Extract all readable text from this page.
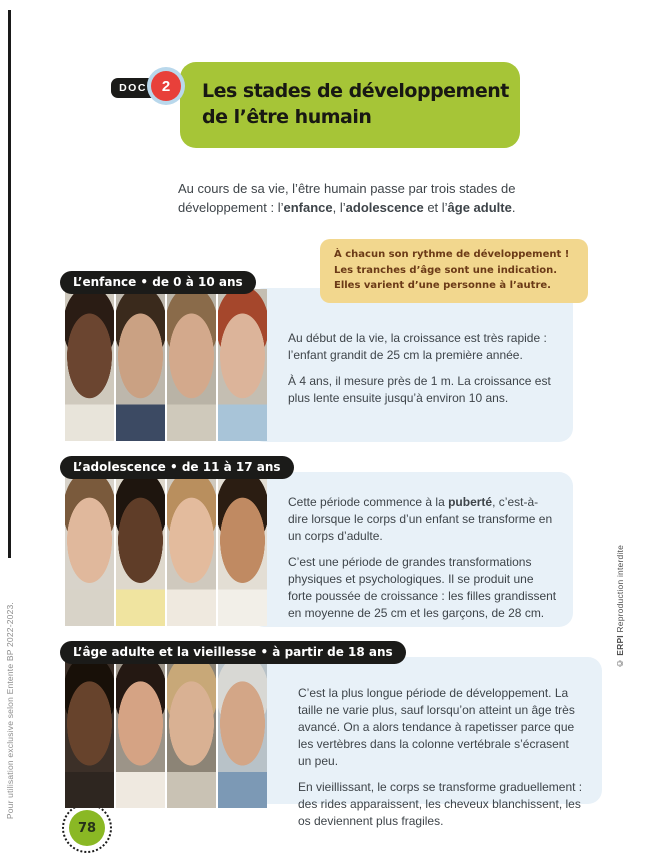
Pour utilisation exclusive selon Entente BP 2022-2023.	© ERPI Reproduction interdite
DOC 2 Les stades de développement
de l’être humain
Au cours de sa vie, l’être humain passe par trois stades de développement : l’enfance, l’adolescence et l’âge adulte.
À chacun son rythme de développement !
Les tranches d’âge sont une indication.
Elles varient d’une personne à l’autre.

Au début de la vie, la croissance est très rapide : l’enfant grandit de 25 cm la première année.

À 4 ans, il mesure près de 1 m. La croissance est plus lente ensuite jusqu’à environ 10 ans.

L’enfance • de 0 à 10 ans

Cette période commence à la puberté, c’est-à-dire lorsque le corps d’un enfant se transforme en un corps d’adulte.

C’est une période de grandes transformations physiques et psychologiques. Il se produit une forte poussée de croissance : les filles grandissent en moyenne de 25 cm et les garçons, de 28 cm.

L’adolescence • de 11 à 17 ans

C’est la plus longue période de développement. La taille ne varie plus, sauf lorsqu’on atteint un âge très avancé. On a alors tendance à rapetisser parce que les vertèbres dans la colonne vertébrale s’écrasent un peu.

En vieillissant, le corps se transforme graduellement : des rides apparaissent, les cheveux blanchissent, les os deviennent plus fragiles.

L’âge adulte et la vieillesse • à partir de 18 ans
78
